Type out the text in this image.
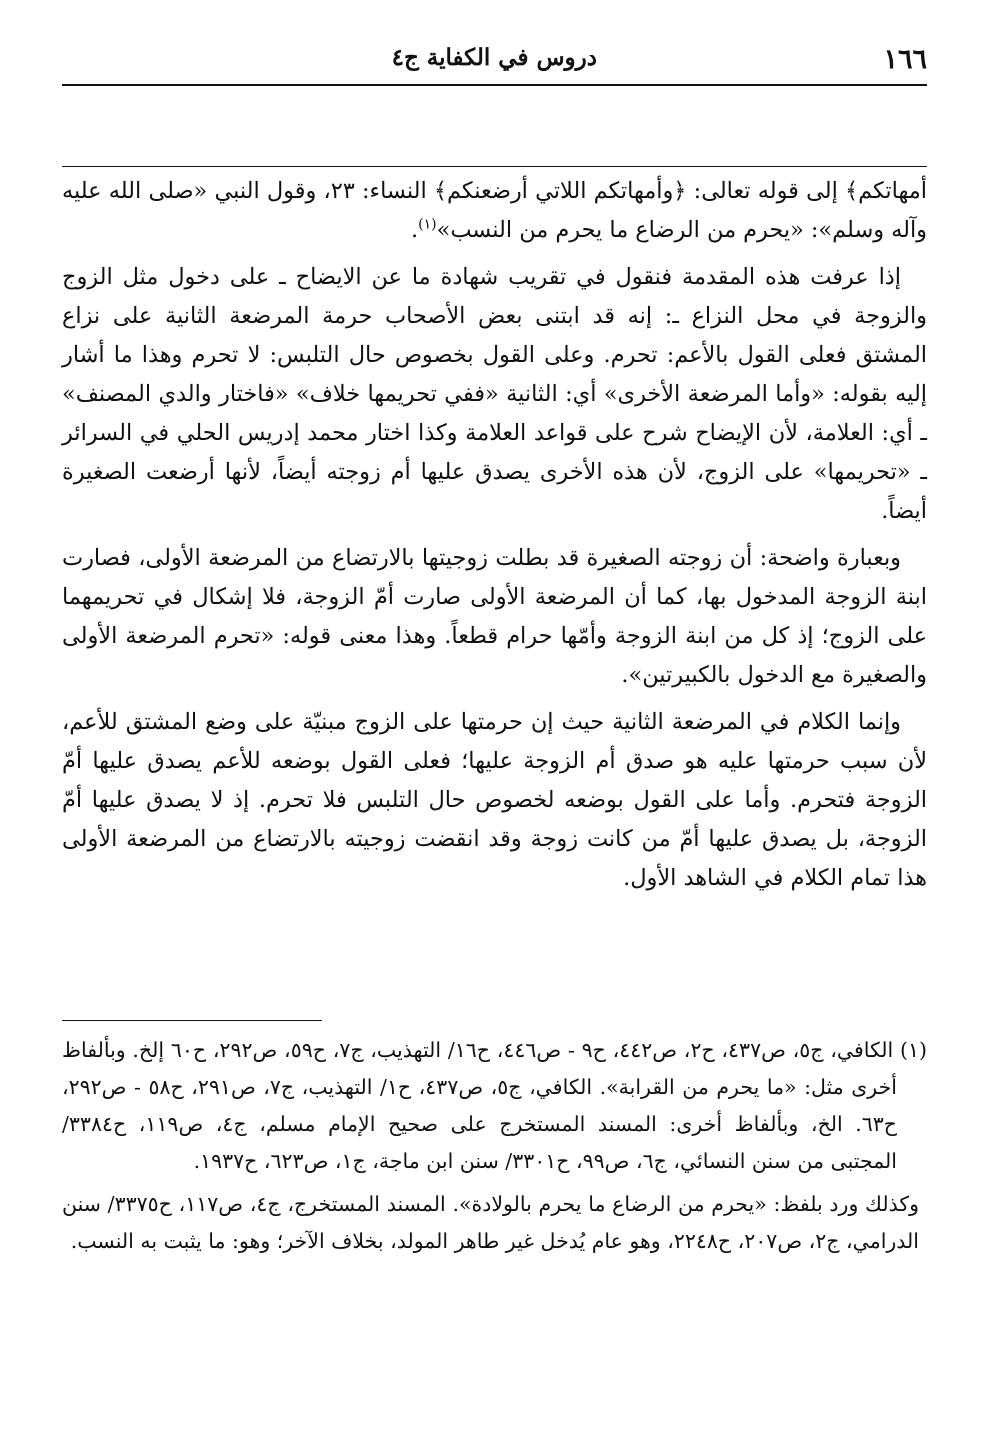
١٦٦
دروس في الكفاية ج٤

أمهاتكم﴾ إلى قوله تعالى: ﴿وأمهاتكم اللاتي أرضعنكم﴾ النساء: ٢٣، وقول النبي «صلى الله عليه وآله وسلم»: «يحرم من الرضاع ما يحرم من النسب»$^{(١)}$.

إذا عرفت هذه المقدمة فنقول في تقريب شهادة ما عن الايضاح ـ على دخول مثل الزوج والزوجة في محل النزاع ـ: إنه قد ابتنى بعض الأصحاب حرمة المرضعة الثانية على نزاع المشتق فعلى القول بالأعم: تحرم. وعلى القول بخصوص حال التلبس: لا تحرم وهذا ما أشار إليه بقوله: «وأما المرضعة الأخرى» أي: الثانية «ففي تحريمها خلاف» «فاختار والدي المصنف» ـ أي: العلامة، لأن الإيضاح شرح على قواعد العلامة وكذا اختار محمد إدريس الحلي في السرائر ـ «تحريمها» على الزوج، لأن هذه الأخرى يصدق عليها أم زوجته أيضاً، لأنها أرضعت الصغيرة أيضاً.

وبعبارة واضحة: أن زوجته الصغيرة قد بطلت زوجيتها بالارتضاع من المرضعة الأولى، فصارت ابنة الزوجة المدخول بها، كما أن المرضعة الأولى صارت أمّ الزوجة، فلا إشكال في تحريمهما على الزوج؛ إذ كل من ابنة الزوجة وأمّها حرام قطعاً. وهذا معنى قوله: «تحرم المرضعة الأولى والصغيرة مع الدخول بالكبيرتين».

وإنما الكلام في المرضعة الثانية حيث إن حرمتها على الزوج مبنيّة على وضع المشتق للأعم، لأن سبب حرمتها عليه هو صدق أم الزوجة عليها؛ فعلى القول بوضعه للأعم يصدق عليها أمّ الزوجة فتحرم. وأما على القول بوضعه لخصوص حال التلبس فلا تحرم. إذ لا يصدق عليها أمّ الزوجة، بل يصدق عليها أمّ من كانت زوجة وقد انقضت زوجيته بالارتضاع من المرضعة الأولى هذا تمام الكلام في الشاهد الأول.

(١) الكافي، ج٥، ص٤٣٧، ح٢، ص٤٤٢، ح٩ - ص٤٤٦، ح١٦/ التهذيب، ج٧، ح٥٩، ص٢٩٢، ح٦٠ إلخ. وبألفاظ أخرى مثل: «ما يحرم من القرابة». الكافي، ج٥، ص٤٣٧، ح١/ التهذيب، ج٧، ص٢٩١، ح٥٨ - ص٢٩٢، ح٦٣. الخ، وبألفاظ أخرى: المسند المستخرج على صحيح الإمام مسلم، ج٤، ص١١٩، ح٣٣٨٤/ المجتبى من سنن النسائي، ج٦، ص٩٩، ح٣٣٠١/ سنن ابن ماجة، ج١، ص٦٢٣، ح١٩٣٧.

وكذلك ورد بلفظ: «يحرم من الرضاع ما يحرم بالولادة». المسند المستخرج، ج٤، ص١١٧، ح٣٣٧٥/ سنن الدرامي، ج٢، ص٢٠٧، ح٢٢٤٨، وهو عام يُدخل غير طاهر المولد، بخلاف الآخر؛ وهو: ما يثبت به النسب.
